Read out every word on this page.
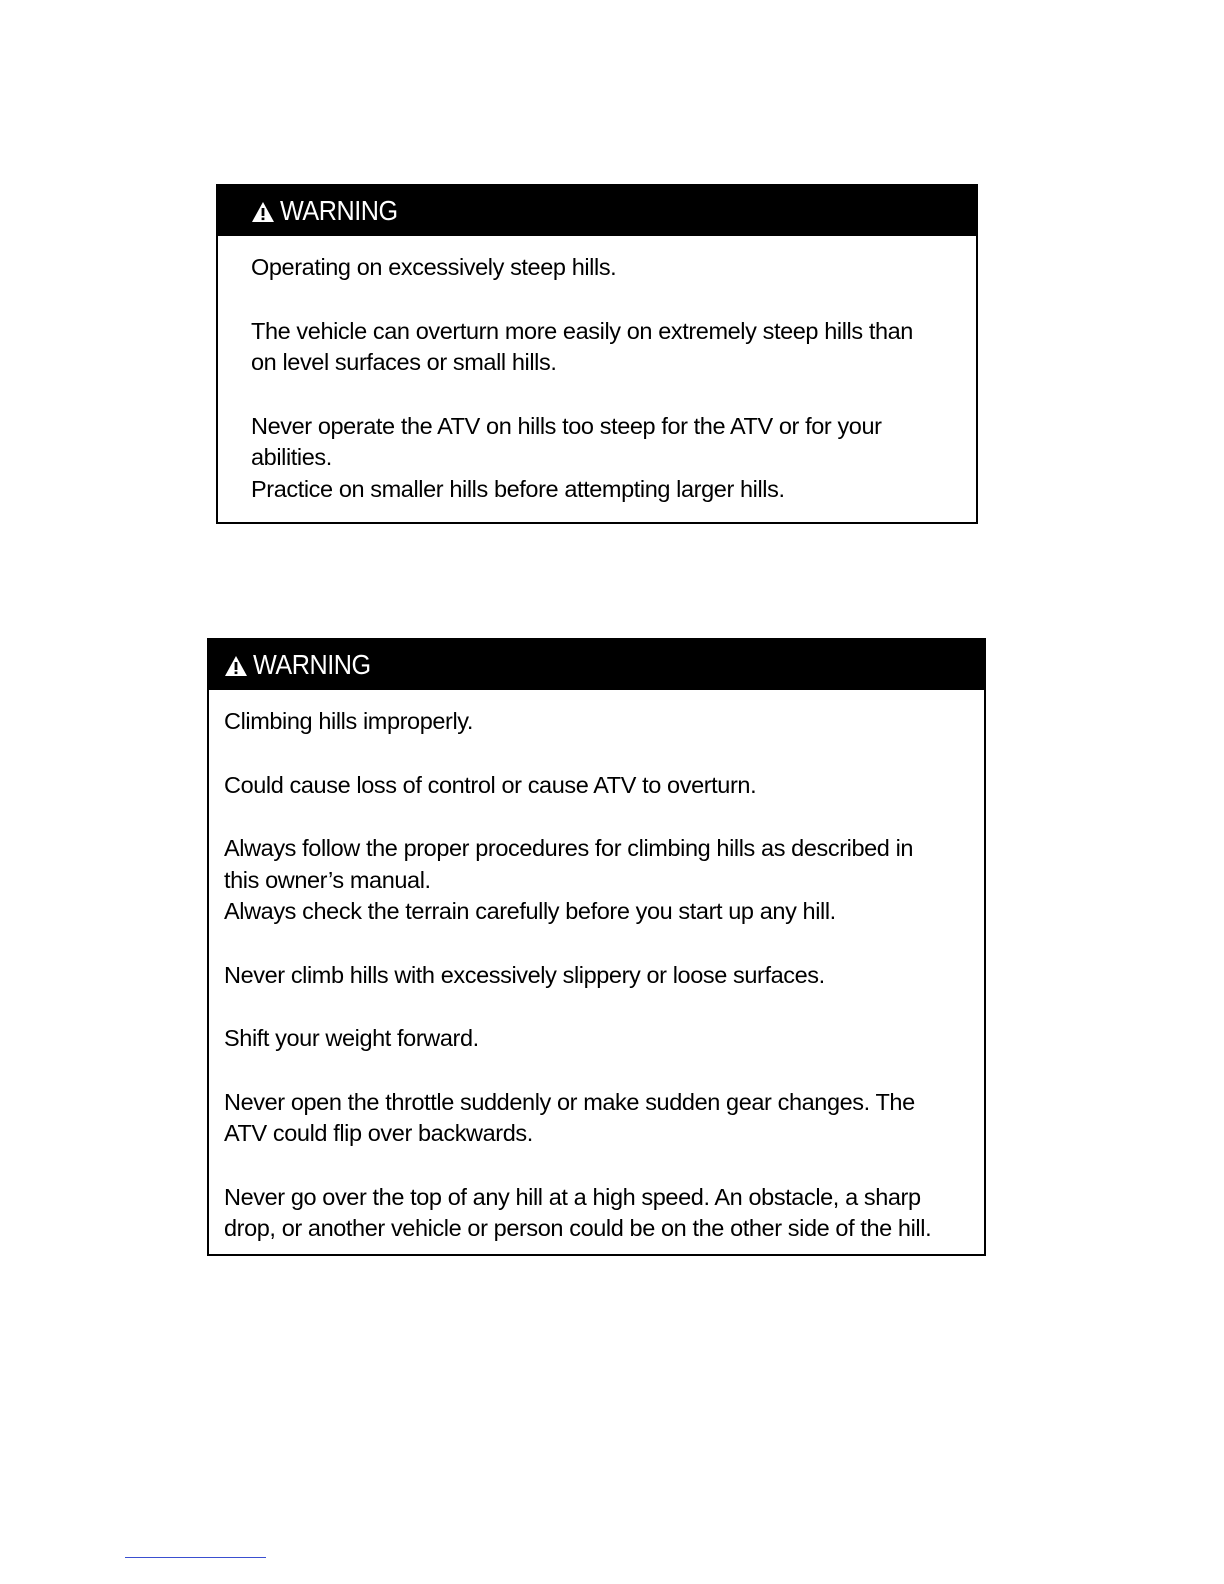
WARNING

Operating on excessively steep hills.

The vehicle can overturn more easily on extremely steep hills than
on level surfaces or small hills.

Never operate the ATV on hills too steep for the ATV or for your
abilities.

Practice on smaller hills before attempting larger hills.

WARNING

Climbing hills improperly.

Could cause loss of control or cause ATV to overturn.

Always follow the proper procedures for climbing hills as described in
this owner’s manual.

Always check the terrain carefully before you start up any hill.

Never climb hills with excessively slippery or loose surfaces.

Shift your weight forward.

Never open the throttle suddenly or make sudden gear changes. The
ATV could flip over backwards.

Never go over the top of any hill at a high speed. An obstacle, a sharp
drop, or another vehicle or person could be on the other side of the hill.
